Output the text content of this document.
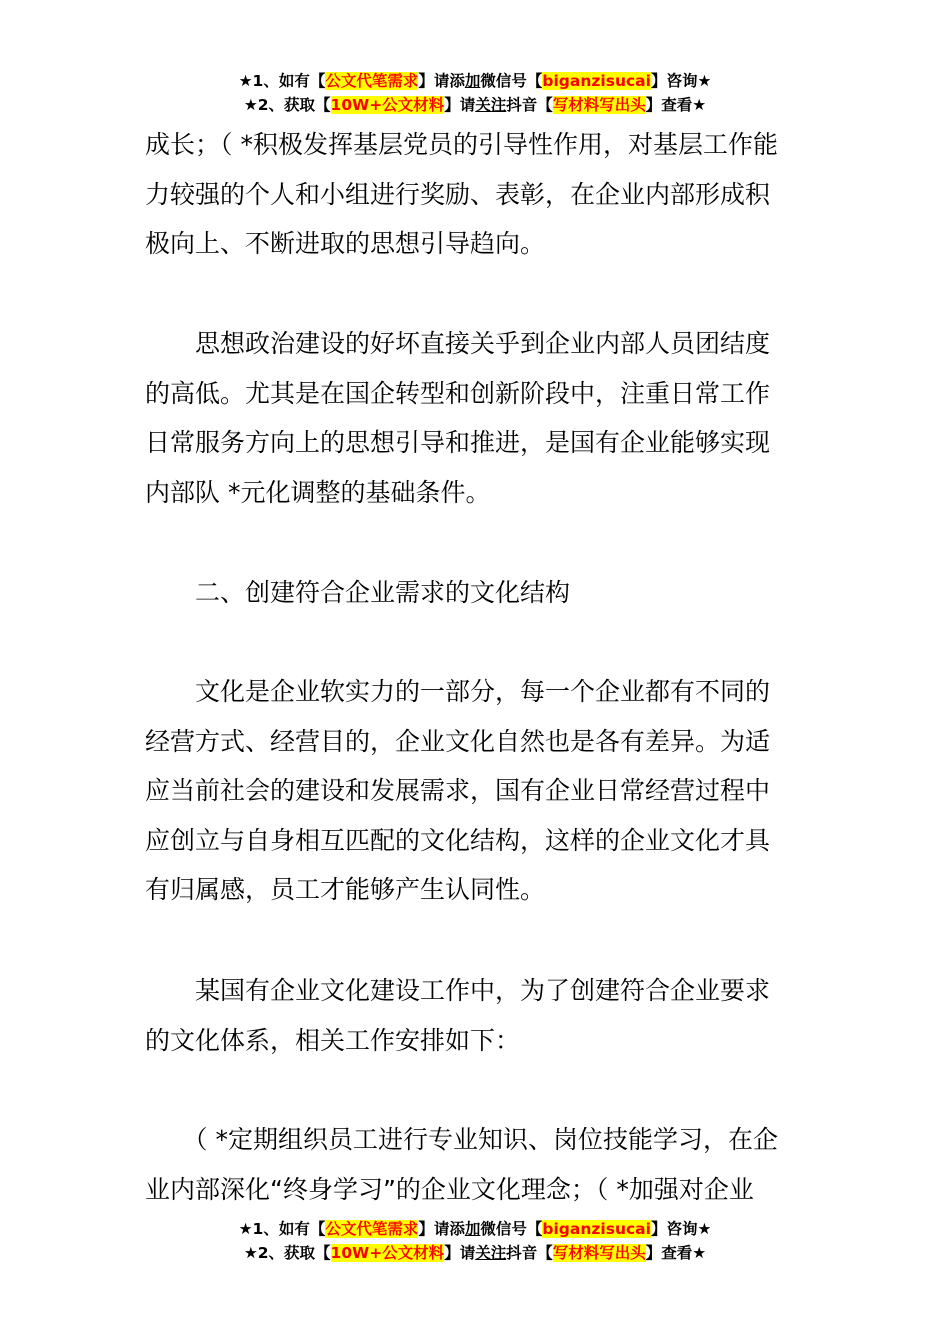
★1、如有【公文代笔需求】请添加微信号【biganzisucai】咨询★
★2、获取【10W+公文材料】请关注抖音【写材料写出头】查看★
成长；（ *积极发挥基层党员的引导性作用，对基层工作能
力较强的个人和小组进行奖励、表彰，在企业内部形成积
极向上、不断进取的思想引导趋向。
　　思想政治建设的好坏直接关乎到企业内部人员团结度
的高低。尤其是在国企转型和创新阶段中，注重日常工作
日常服务方向上的思想引导和推进，是国有企业能够实现
内部队 *元化调整的基础条件。
　　二、创建符合企业需求的文化结构
　　文化是企业软实力的一部分，每一个企业都有不同的
经营方式、经营目的，企业文化自然也是各有差异。为适
应当前社会的建设和发展需求，国有企业日常经营过程中
应创立与自身相互匹配的文化结构，这样的企业文化才具
有归属感，员工才能够产生认同性。
　　某国有企业文化建设工作中，为了创建符合企业要求
的文化体系，相关工作安排如下：
　　（ *定期组织员工进行专业知识、岗位技能学习，在企
业内部深化“终身学习”的企业文化理念；（ *加强对企业
★1、如有【公文代笔需求】请添加微信号【biganzisucai】咨询★
★2、获取【10W+公文材料】请关注抖音【写材料写出头】查看★
